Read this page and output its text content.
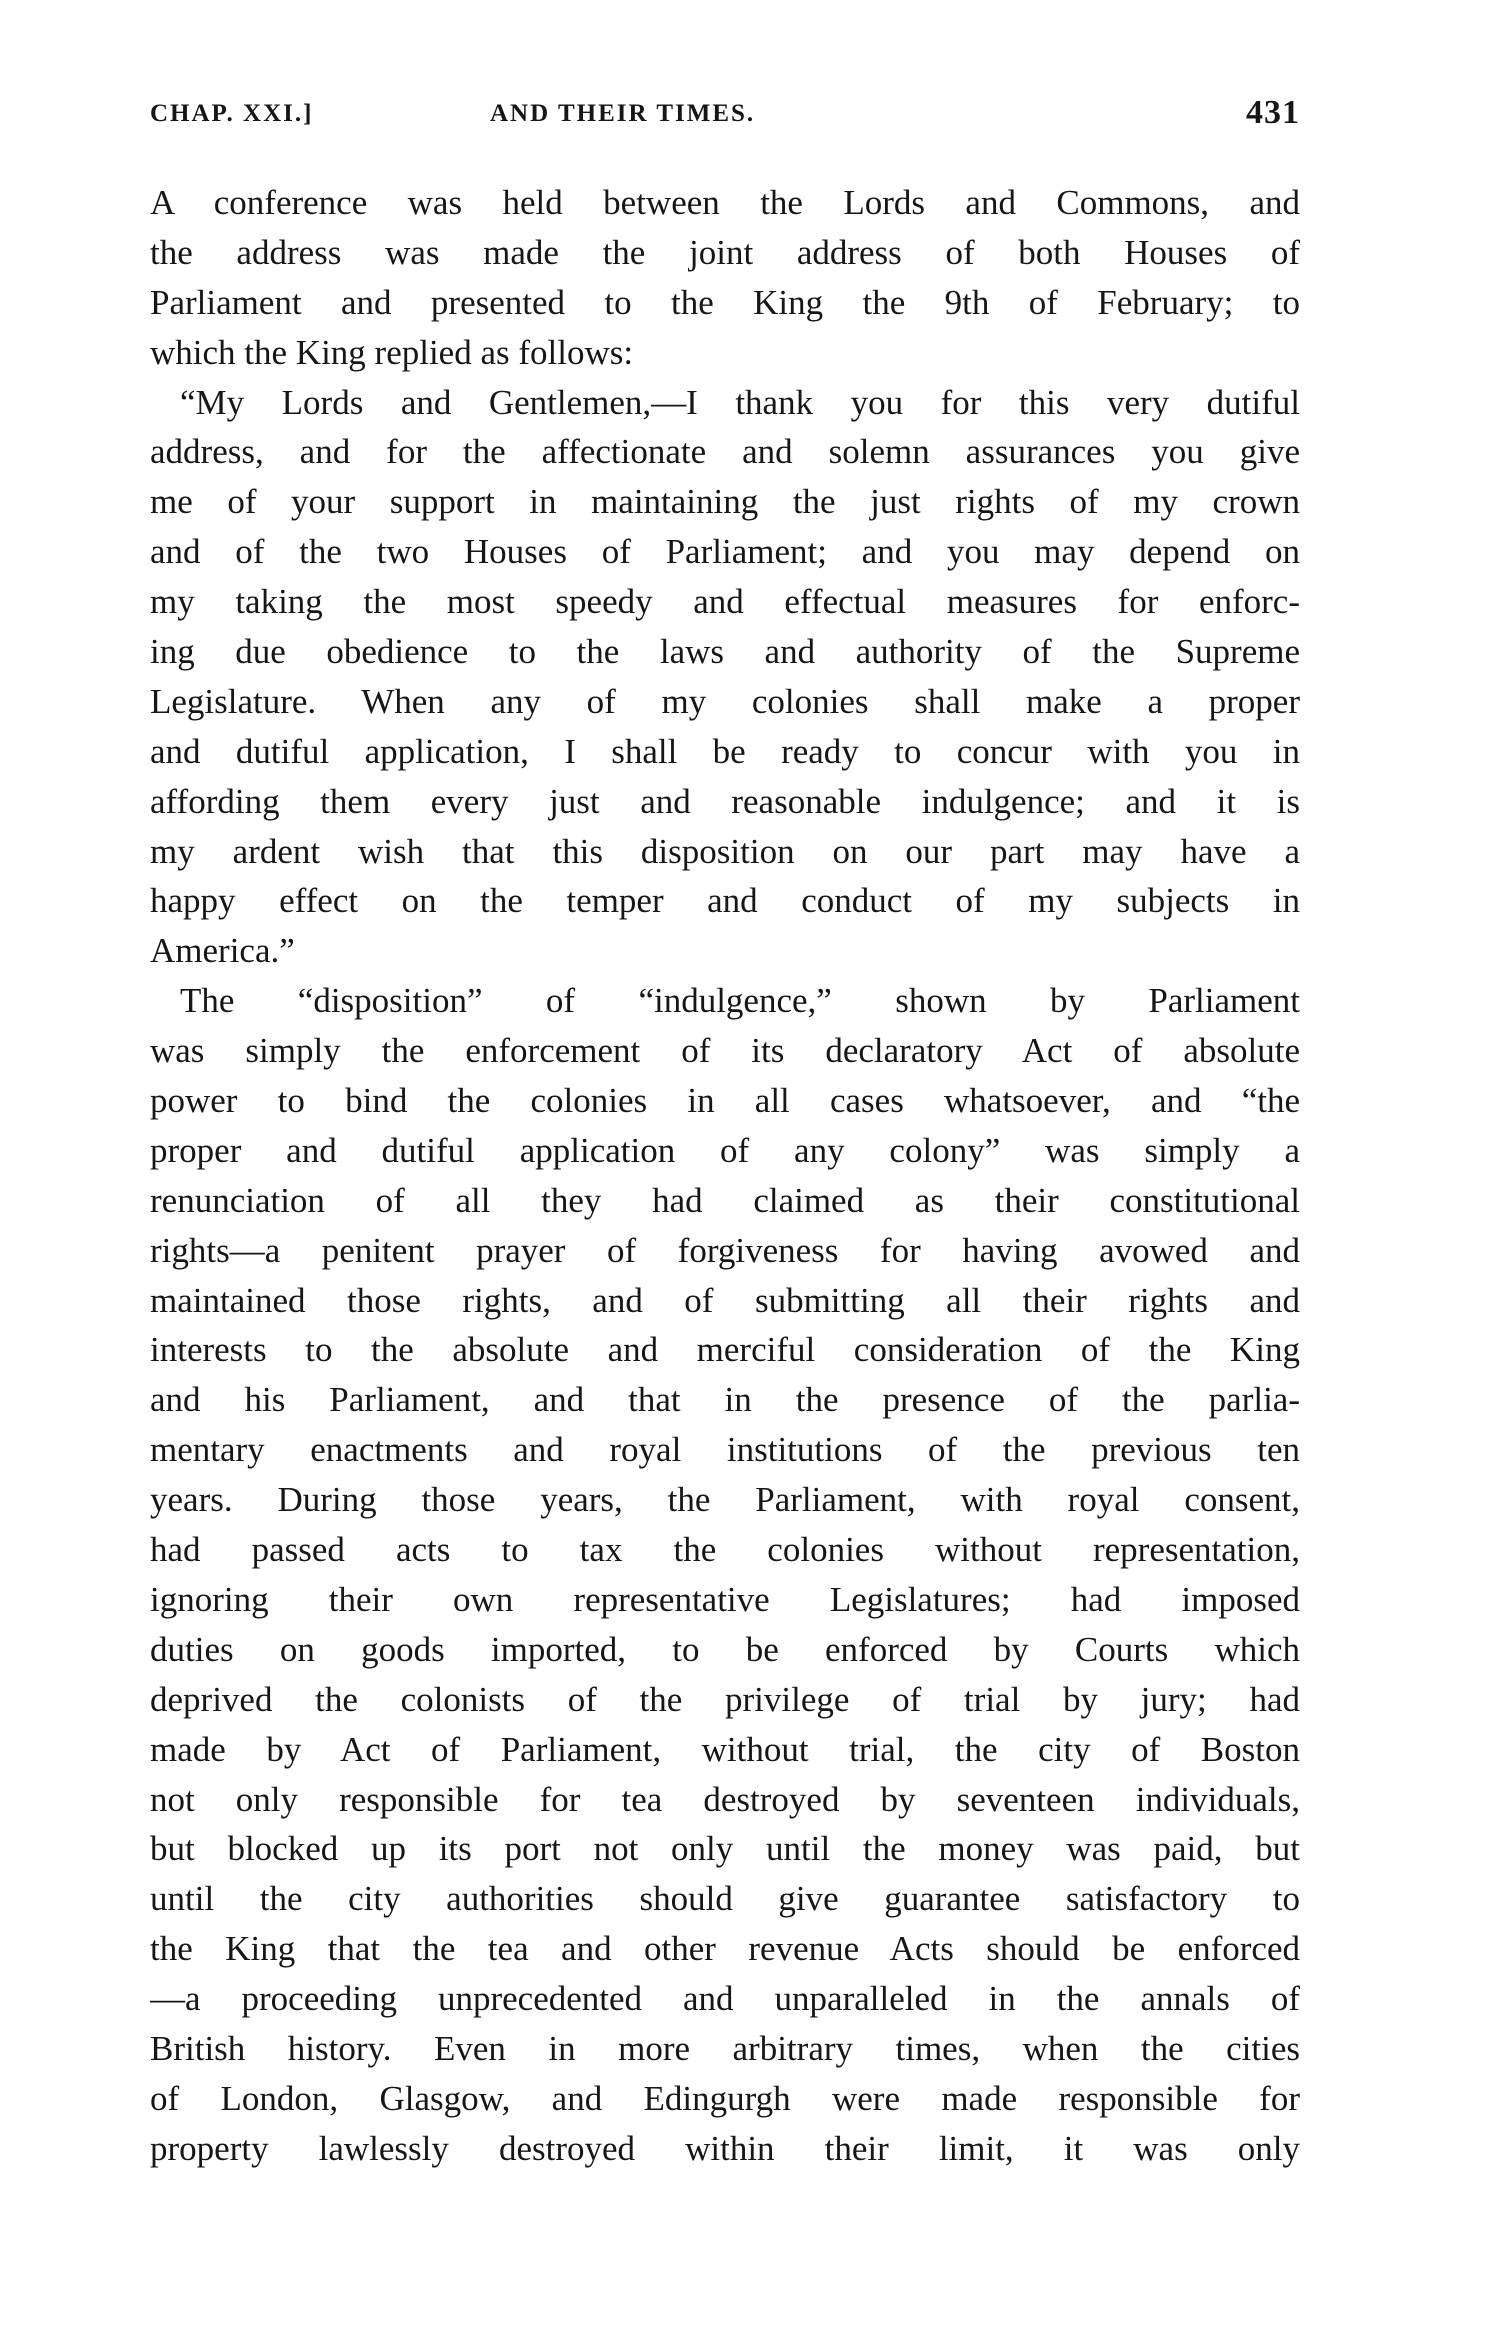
CHAP. XXI.]	AND THEIR TIMES.	431
A conference was held between the Lords and Commons, and
the address was made the joint address of both Houses of
Parliament and presented to the King the 9th of February; to
which the King replied as follows:
“My Lords and Gentlemen,—I thank you for this very dutiful
address, and for the affectionate and solemn assurances you give
me of your support in maintaining the just rights of my crown
and of the two Houses of Parliament; and you may depend on
my taking the most speedy and effectual measures for enforc-
ing due obedience to the laws and authority of the Supreme
Legislature. When any of my colonies shall make a proper
and dutiful application, I shall be ready to concur with you in
affording them every just and reasonable indulgence; and it is
my ardent wish that this disposition on our part may have a
happy effect on the temper and conduct of my subjects in
America.”
The “disposition” of “indulgence,” shown by Parliament
was simply the enforcement of its declaratory Act of absolute
power to bind the colonies in all cases whatsoever, and “the
proper and dutiful application of any colony” was simply a
renunciation of all they had claimed as their constitutional
rights—a penitent prayer of forgiveness for having avowed and
maintained those rights, and of submitting all their rights and
interests to the absolute and merciful consideration of the King
and his Parliament, and that in the presence of the parlia-
mentary enactments and royal institutions of the previous ten
years. During those years, the Parliament, with royal consent,
had passed acts to tax the colonies without representation,
ignoring their own representative Legislatures; had imposed
duties on goods imported, to be enforced by Courts which
deprived the colonists of the privilege of trial by jury; had
made by Act of Parliament, without trial, the city of Boston
not only responsible for tea destroyed by seventeen individuals,
but blocked up its port not only until the money was paid, but
until the city authorities should give guarantee satisfactory to
the King that the tea and other revenue Acts should be enforced
—a proceeding unprecedented and unparalleled in the annals of
British history. Even in more arbitrary times, when the cities
of London, Glasgow, and Edingurgh were made responsible for
property lawlessly destroyed within their limit, it was only
